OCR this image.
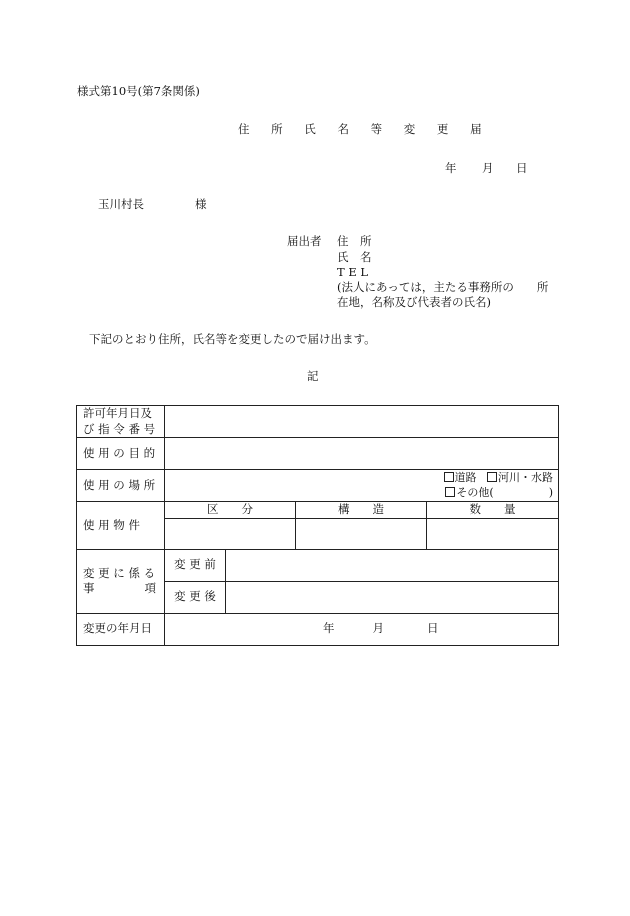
様式第10号(第7条関係)
住 所 氏 名 等 変 更 届
年 月 日
玉川村長	様
届出者 住　所
氏　名
T E L
(法人にあっては，主たる事務所の　　所
在地，名称及び代表者の氏名)
下記のとおり住所，氏名等を変更したので届け出ます。
記
許可年月日及
び 指 令 番 号				

使 用 の 目 的				
使 用 の 場 所	道路 河川・水路
その他(　　　　　)			

使 用 物 件	区　　分		構　　造	数　　量

変 更 に 係 る
事 項	変 更 前			
	変 更 後			
変更の年月日	年 月 日			
